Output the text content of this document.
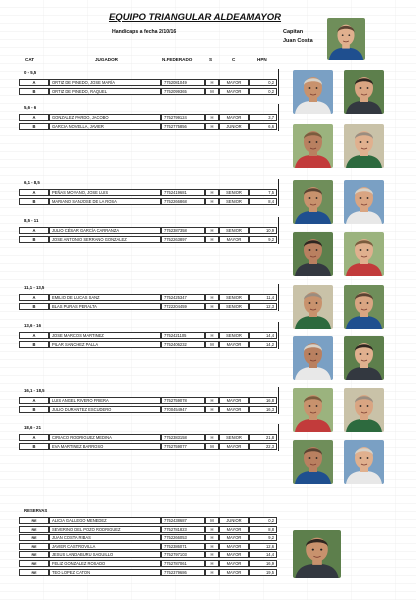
EQUIPO TRIANGULAR ALDEAMAYOR
Handicaps a fecha 2/10/16	Capitan
Juan Costa
CAT	JUGADOR	N.FEDERADO	S	C	HPN
0 - 5,5
A	ORTIZ DE PINEDO, JOSE MARÍA	7752081049	H	MAYOR	0,2
B	ORTIZ DE PINEDO, RAQUEL	7752099365	M	MAYOR	0,2
5,6 - 6
A	GONZALEZ PARDO, JACOBO	7752799124	H	MAYOR	3,7
B	GARCIA NOVELLA, JAVIER	7752775856	H	JUNIOR	6,6
6,1 - 8,5
A	PEÑAS MOYANO, JOSE LUIS	7752419681	H	SENIOR	7,5
B	MARIANO SANJOSE DE LA ROSA	7752266868	H	SENIOR	8,4
8,5 - 11
A	JULIO CÉSAR GARCÍA CARRANZA	7752387358	H	SENIOR	10,9
B	JOSE ANTONIO SERRANO GONZALEZ	7752263897	H	MAYOR	9,2
11,1 - 13,5
A	EMILIO DE LUCAS SANZ	7752425347	H	SENIOR	11,4
B	BLAS PURAS PERALTA	7722204459	H	SENIOR	12,3
13,6 - 16
A	JOSE MARCOS MARTINEZ	7752421105	H	SENIOR	14,4
B	PILAR SANCHEZ PALLA	7752406232	M	MAYOR	14,2
16,1 - 18,5
A	LUIS ANGEL RIVERO FRIERA	7752759078	H	MAYOR	16,8
B	JULIO DURANTEZ ESCUDERO	7700454947	H	MAYOR	16,3
18,6 - 21
A	CIRIACO RODRIGUEZ MEDINA	7752383158	H	SENIOR	21,8
B	EVA MARTINEZ BARROSO	7752759077	M	MAYOR	22,3
RESERVAS
RE	ALICIA GALLEGO MENEDEZ	7752438687	M	JUNIOR	0,2
RE	SEVERINO DEL POZO RODRIGUEZ	7752781823	H	MAYOR	8,8
RE	JUAN COSTA RIBAS	7752266053	H	MAYOR	9,2
RE	JAVIER CASTROVILLA	7752386071	H	MAYOR	12,6
RE	JESUS LANDABURU SAGUILLO	7752797103	H	MAYOR	14,4
RE	FELIZ GONZALEZ ROSADO	7752787061	H	MAYOR	16,9
RE	TEO LOPEZ CATON	7752379686	H	MAYOR	19,5
